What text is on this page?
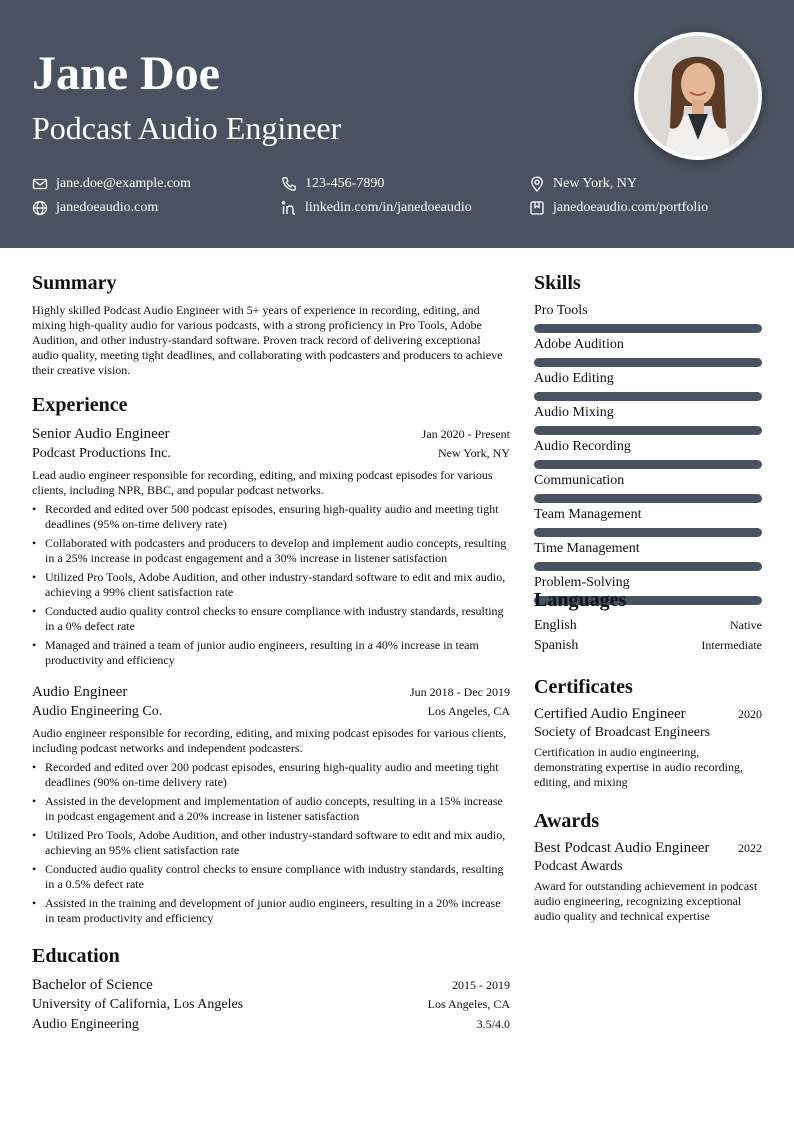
Jane Doe
Podcast Audio Engineer
jane.doe@example.com	123-456-7890	New York, NY
janedoeaudio.com	linkedin.com/in/janedoeaudio	janedoeaudio.com/portfolio
Summary
Highly skilled Podcast Audio Engineer with 5+ years of experience in recording, editing, and mixing high-quality audio for various podcasts, with a strong proficiency in Pro Tools, Adobe Audition, and other industry-standard software. Proven track record of delivering exceptional audio quality, meeting tight deadlines, and collaborating with podcasters and producers to achieve their creative vision.
Experience
Senior Audio Engineer	Jan 2020 - Present
Podcast Productions Inc.	New York, NY
Lead audio engineer responsible for recording, editing, and mixing podcast episodes for various clients, including NPR, BBC, and popular podcast networks.
• Recorded and edited over 500 podcast episodes, ensuring high-quality audio and meeting tight deadlines (95% on-time delivery rate)
• Collaborated with podcasters and producers to develop and implement audio concepts, resulting in a 25% increase in podcast engagement and a 30% increase in listener satisfaction
• Utilized Pro Tools, Adobe Audition, and other industry-standard software to edit and mix audio, achieving a 99% client satisfaction rate
• Conducted audio quality control checks to ensure compliance with industry standards, resulting in a 0% defect rate
• Managed and trained a team of junior audio engineers, resulting in a 40% increase in team productivity and efficiency
Audio Engineer	Jun 2018 - Dec 2019
Audio Engineering Co.	Los Angeles, CA
Audio engineer responsible for recording, editing, and mixing podcast episodes for various clients, including podcast networks and independent podcasters.
• Recorded and edited over 200 podcast episodes, ensuring high-quality audio and meeting tight deadlines (90% on-time delivery rate)
• Assisted in the development and implementation of audio concepts, resulting in a 15% increase in podcast engagement and a 20% increase in listener satisfaction
• Utilized Pro Tools, Adobe Audition, and other industry-standard software to edit and mix audio, achieving an 95% client satisfaction rate
• Conducted audio quality control checks to ensure compliance with industry standards, resulting in a 0.5% defect rate
• Assisted in the training and development of junior audio engineers, resulting in a 20% increase in team productivity and efficiency
Education
Bachelor of Science	2015 - 2019
University of California, Los Angeles	Los Angeles, CA
Audio Engineering	3.5/4.0
Skills
Pro Tools
Adobe Audition
Audio Editing
Audio Mixing
Audio Recording
Communication
Team Management
Time Management
Problem-Solving
Languages
English	Native
Spanish	Intermediate
Certificates
Certified Audio Engineer	2020
Society of Broadcast Engineers
Certification in audio engineering, demonstrating expertise in audio recording, editing, and mixing
Awards
Best Podcast Audio Engineer 2022
Podcast Awards
Award for outstanding achievement in podcast audio engineering, recognizing exceptional audio quality and technical expertise
